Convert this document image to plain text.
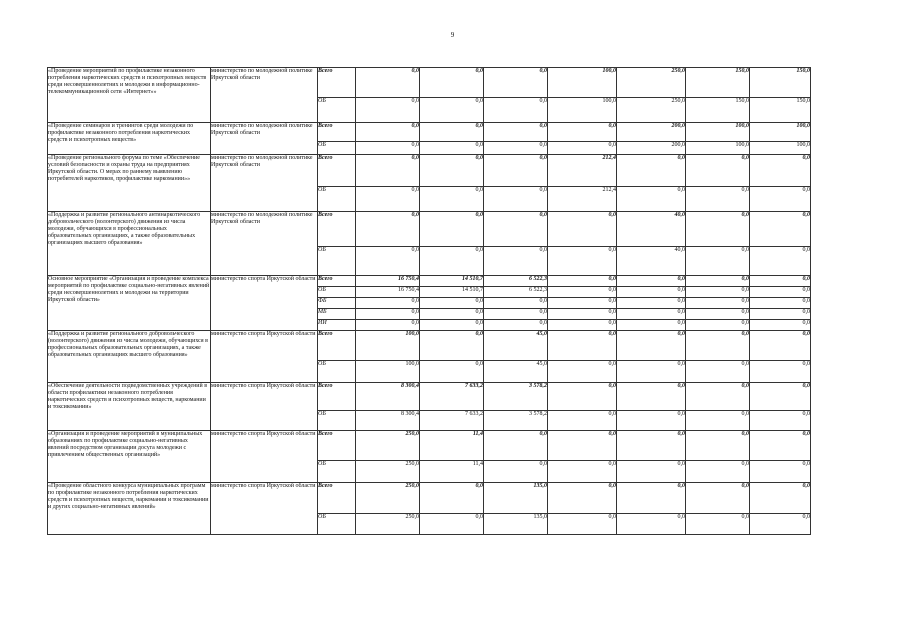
9
«Проведение мероприятий по профилактике незаконного потребления наркотических средств и психотропных веществ среди несовершеннолетних и молодежи в информационно-телекоммуникационной сети «Интернет»»	министерство по молодежной политике Иркутской области	Всего	0,0	0,0	0,0	100,0	250,0	150,0	150,0
		ОБ	0,0	0,0	0,0	100,0	250,0	150,0	150,0
«Проведение семинаров и тренингов среди молодежи по профилактике незаконного потребления наркотических средств и психотропных веществ»	министерство по молодежной политике Иркутской области	Всего	0,0	0,0	0,0	0,0	200,0	100,0	100,0
		ОБ	0,0	0,0	0,0	0,0	200,0	100,0	100,0
«Проведение регионального форума по теме «Обеспечение условий безопасности и охраны труда на предприятиях Иркутской области. О мерах по раннему выявлению потребителей наркотиков, профилактике наркомании»»	министерство по молодежной политике Иркутской области	Всего	0,0	0,0	0,0	212,4	0,0	0,0	0,0
		ОБ	0,0	0,0	0,0	212,4	0,0	0,0	0,0
«Поддержка и развитие регионального антинаркотического добровольческого (волонтерского) движения из числа молодежи, обучающихся в профессиональных образовательных организациях, а также образовательных организациях высшего образования»	министерство по молодежной политике Иркутской области	Всего	0,0	0,0	0,0	0,0	40,0	0,0	0,0
		ОБ	0,0	0,0	0,0	0,0	40,0	0,0	0,0
Основное мероприятие «Организация и проведение комплекса мероприятий по профилактике социально-негативных явлений среди несовершеннолетних и молодежи на территории Иркутской области»	министерство спорта Иркутской области	Всего	16 750,4	14 510,7	6 522,3	0,0	0,0	0,0	0,0
		ОБ	16 750,4	14 510,7	6 522,3	0,0	0,0	0,0	0,0
		ФБ	0,0	0,0	0,0	0,0	0,0	0,0	0,0
		МБ	0,0	0,0	0,0	0,0	0,0	0,0	0,0
		ИИ	0,0	0,0	0,0	0,0	0,0	0,0	0,0
«Поддержка и развитие регионального добровольческого (волонтерского) движения из числа молодежи, обучающихся в профессиональных образовательных организациях, а также образовательных организациях высшего образования»	министерство спорта Иркутской области	Всего	100,0	0,0	45,0	0,0	0,0	0,0	0,0
		ОБ	100,0	0,0	45,0	0,0	0,0	0,0	0,0
«Обеспечение деятельности подведомственных учреждений в области профилактики незаконного потребления наркотических средств и психотропных веществ, наркомании и токсикомании»	министерство спорта Иркутской области	Всего	8 300,4	7 633,2	3 578,2	0,0	0,0	0,0	0,0
		ОБ	8 300,4	7 633,2	3 578,2	0,0	0,0	0,0	0,0
«Организация и проведение мероприятий в муниципальных образованиях по профилактике социально-негативных явлений посредством организации досуга молодежи с привлечением общественных организаций»	министерство спорта Иркутской области	Всего	250,0	11,4	0,0	0,0	0,0	0,0	0,0
		ОБ	250,0	11,4	0,0	0,0	0,0	0,0	0,0
«Проведение областного конкурса муниципальных программ по профилактике незаконного потребления наркотических средств и психотропных веществ, наркомании и токсикомании и других социально-негативных явлений»	министерство спорта Иркутской области	Всего	250,0	0,0	135,0	0,0	0,0	0,0	0,0
		ОБ	250,0	0,0	135,0	0,0	0,0	0,0	0,0
